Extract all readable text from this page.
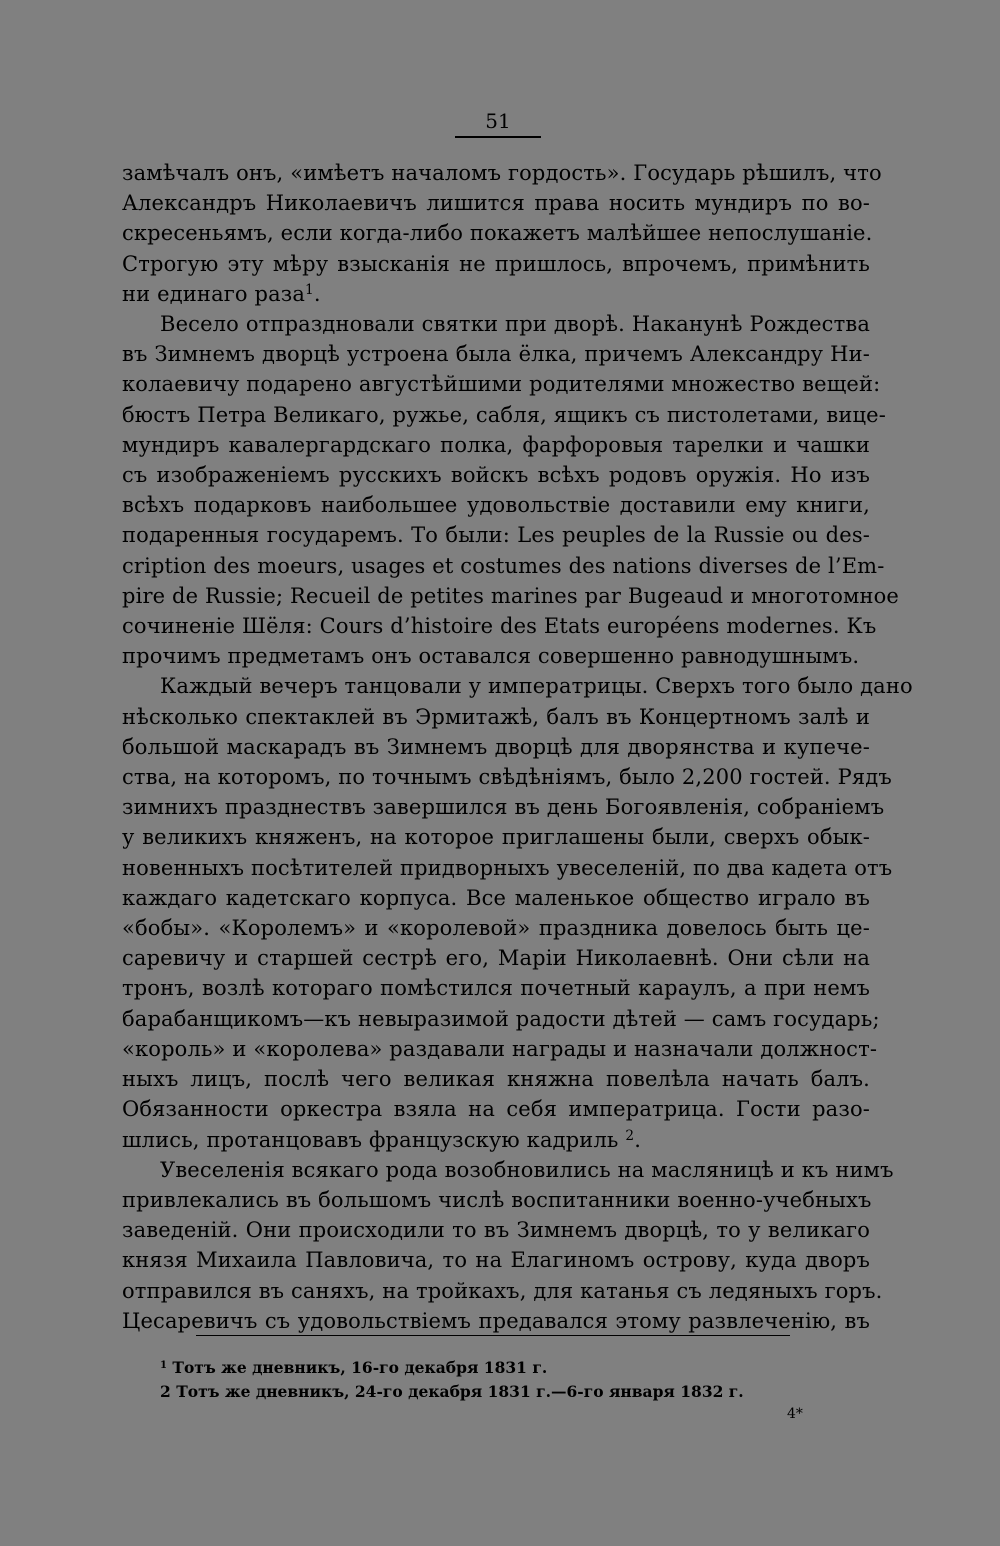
51

замѣчалъ онъ, «имѣетъ началомъ гордость». Государь рѣшилъ, что
Александръ Николаевичъ лишится права носить мундиръ по во-
скресеньямъ, если когда-либо покажетъ малѣйшее непослушаніе.
Строгую эту мѣру взысканія не пришлось, впрочемъ, примѣнить
ни единаго раза$^1$.

Весело отпраздновали святки при дворѣ. Наканунѣ Рождества
въ Зимнемъ дворцѣ устроена была ёлка, причемъ Александру Ни-
колаевичу подарено августѣйшими родителями множество вещей:
бюстъ Петра Великаго, ружье, сабля, ящикъ съ пистолетами, вице-
мундиръ кавалергардскаго полка, фарфоровыя тарелки и чашки
съ изображеніемъ русскихъ войскъ всѣхъ родовъ оружія. Но изъ
всѣхъ подарковъ наибольшее удовольствіе доставили ему книги,
подаренныя государемъ. То были: Les peuples de la Russie ou des-
cription des moeurs, usages et costumes des nations diverses de l’Em-
pire de Russie; Recueil de petites marines par Bugeaud и многотомное
сочиненіе Шёля: Cours d’histoire des Etats européens modernes. Къ
прочимъ предметамъ онъ оставался совершенно равнодушнымъ.

Каждый вечеръ танцовали у императрицы. Сверхъ того было дано
нѣсколько спектаклей въ Эрмитажѣ, балъ въ Концертномъ залѣ и
большой маскарадъ въ Зимнемъ дворцѣ для дворянства и купече-
ства, на которомъ, по точнымъ свѣдѣніямъ, было 2,200 гостей. Рядъ
зимнихъ празднествъ завершился въ день Богоявленія, собраніемъ
у великихъ княженъ, на которое приглашены были, сверхъ обык-
новенныхъ посѣтителей придворныхъ увеселеній, по два кадета отъ
каждаго кадетскаго корпуса. Все маленькое общество играло въ
«бобы». «Королемъ» и «королевой» праздника довелось быть це-
саревичу и старшей сестрѣ его, Маріи Николаевнѣ. Они сѣли на
тронъ, возлѣ котораго помѣстился почетный караулъ, а при немъ
барабанщикомъ—къ невыразимой радости дѣтей — самъ государь;
«король» и «королева» раздавали награды и назначали должност-
ныхъ лицъ, послѣ чего великая княжна повелѣла начать балъ.
Обязанности оркестра взяла на себя императрица. Гости разо-
шлись, протанцовавъ французскую кадриль $^2$.

Увеселенія всякаго рода возобновились на масляницѣ и къ нимъ
привлекались въ большомъ числѣ воспитанники военно-учебныхъ
заведеній. Они происходили то въ Зимнемъ дворцѣ, то у великаго
князя Михаила Павловича, то на Елагиномъ острову, куда дворъ
отправился въ саняхъ, на тройкахъ, для катанья съ ледяныхъ горъ.
Цесаревичъ съ удовольствіемъ предавался этому развлеченію, въ

$^1$ Тотъ же дневникъ, 16-го декабря 1831 г.
2 Тотъ же дневникъ, 24-го декабря 1831 г.—6-го января 1832 г.
4*
